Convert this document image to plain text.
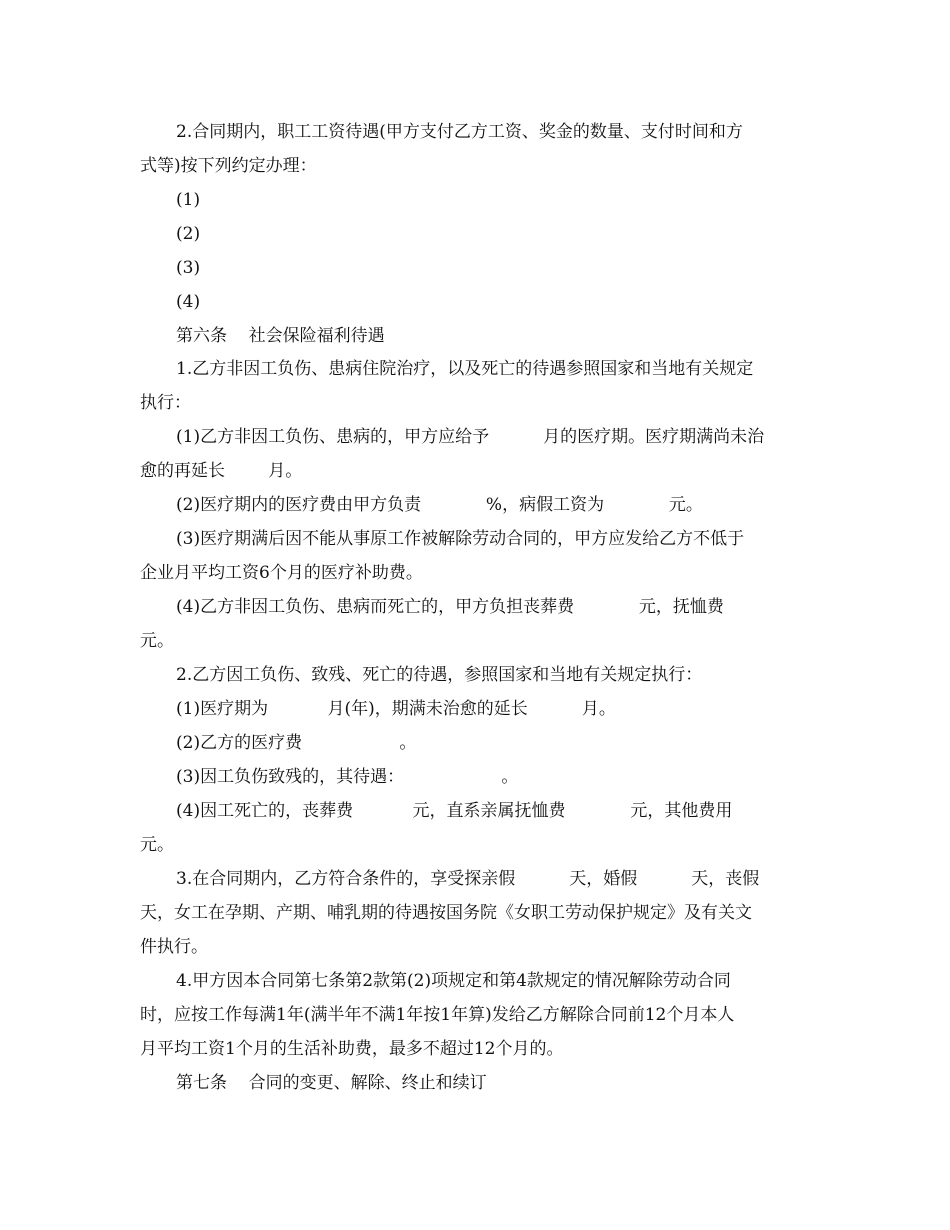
2.合同期内，职工工资待遇(甲方支付乙方工资、奖金的数量、支付时间和方
式等)按下列约定办理：
(1)
(2)
(3)
(4)
第六条    社会保险福利待遇
1.乙方非因工负伤、患病住院治疗，以及死亡的待遇参照国家和当地有关规定
执行：
(1)乙方非因工负伤、患病的，甲方应给予          月的医疗期。医疗期满尚未治
愈的再延长        月。
(2)医疗期内的医疗费由甲方负责            %，病假工资为            元。
(3)医疗期满后因不能从事原工作被解除劳动合同的，甲方应发给乙方不低于
企业月平均工资6个月的医疗补助费。
(4)乙方非因工负伤、患病而死亡的，甲方负担丧葬费            元，抚恤费
元。
2.乙方因工负伤、致残、死亡的待遇，参照国家和当地有关规定执行：
(1)医疗期为           月(年)，期满未治愈的延长          月。
(2)乙方的医疗费                  。
(3)因工负伤致残的，其待遇：                  。
(4)因工死亡的，丧葬费           元，直系亲属抚恤费            元，其他费用
元。
3.在合同期内，乙方符合条件的，享受探亲假          天，婚假          天，丧假
天，女工在孕期、产期、哺乳期的待遇按国务院《女职工劳动保护规定》及有关文
件执行。
4.甲方因本合同第七条第2款第(2)项规定和第4款规定的情况解除劳动合同
时，应按工作每满1年(满半年不满1年按1年算)发给乙方解除合同前12个月本人
月平均工资1个月的生活补助费，最多不超过12个月的。
第七条    合同的变更、解除、终止和续订
